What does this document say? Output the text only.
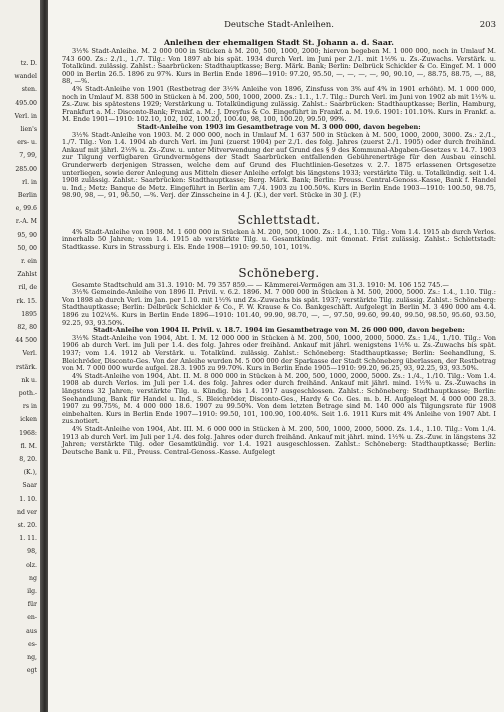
tz. D.
wandel
sten.
495.00
Verl. in
lien's
ers- u.
7, 99,
285.00
rl. in
Berlin
e, 99.6
r.-A. M
95, 90
50, 00
r. ein
Zahlst
ril, de
rk. 15.
1895
82, 80
44 500
Verl.
rstärk.
nk u.
poth.-
rs in
icken
1968:
fl. M.
8, 20.
(K.),
Saar
1. 10.
nd ver
st. 20.
1. 11.
98,
olz.
ng
ilg.
für
en-
aus
es-
ng,
egt
Deutsche Stadt-Anleihen.	203
Anleihen der ehemaligen Stadt St. Johann a. d. Saar.

3½% Stadt-Anleihe. M. 2 000 000 in Stücken à M. 200, 500, 1000, 2000; hiervon begeben M. 1 000 000, noch in Umlauf M. 743 600. Zs.: 2./1., 1./7. Tilg.: Von 1897 ab bis spät. 1934 durch Verl. im Juni per 2./1. mit 1½% u. Zs.-Zuwachs. Verstärk. u. Totalkünd. zulässig. Zahlst.: Saarbrücken: Stadthauptkasse; Berg. Märk. Bank; Berlin: Delbrück Schickler & Co. Eingef. M. 1 000 000 in Berlin 26.5. 1896 zu 97%. Kurs in Berlin Ende 1896—1910: 97.20, 95.50, —, —, —, —, 90, 90.10, —, 88.75, 88.75, —, 88, 88, —%.

4% Stadt-Anleihe von 1901 (Restbetrag der 3½% Anleihe von 1896, Zinsfuss von 3% auf 4% in 1901 erhöht). M. 1 000 000, noch in Umlauf M. 838 500 in Stücken à M. 200, 500, 1000, 2000. Zs.: 1.1., 1.7. Tilg.: Durch Verl. im Juni von 1902 ab mit 1½% u. Zs.-Zuw. bis spätestens 1929; Verstärkung u. Totalkündigung zulässig. Zahlst.: Saarbrücken: Stadthauptkasse; Berlin, Hamburg, Frankfurt a. M.: Disconto-Bank; Frankf. a. M.: J. Dreyfus & Co. Eingeführt in Frankf. a. M. 19.6. 1901: 101.10%. Kurs in Frankf. a. M. Ende 1901—1910: 102.10, 102, 102, 100.20, 100.40, 98, 100, 100.20, 99.50, 99%.

Stadt-Anleihe von 1903 im Gesamtbetrage von M. 3 000 000, davon begeben:

3½% Stadt-Anleihe von 1903. M. 2 000 000, noch in Umlauf M. 1 637 500 in Stücken à M. 500, 1000, 2000, 3000. Zs.: 2./1., 1./7. Tilg.: Von 1.4. 1904 ab durch Verl. im Juni (zuerst 1904) per 2./1. des folg. Jahres (zuerst 2./1. 1905) oder durch freihänd. Ankauf mit jährl. 2½% u. Zs.-Zuw. u. unter Mitverwendung der auf Grund des § 9 des Kommunal-Abgaben-Gesetzes v. 14.7. 1903 zur Tilgung verfügbaren Grundvermögens der Stadt Saarbrücken entfallenden Gebührenerträge für den Ausbau einschl. Grunderwerb derjenigen Strassen, welche dem auf Grund des Fluchtlinien-Gesetzes v. 2.7. 1875 erlassenen Ortsgesetze unterliegen, sowie derer Anlegung aus Mitteln dieser Anleihe erfolgt bis längstens 1933; verstärkte Tilg. u. Totalkündig. seit 1.4. 1908 zulässig. Zahlst.: Saarbrücken: Stadthauptkasse; Berg. Märk. Bank; Berlin: Preuss. Central-Genoss.-Kasse, Bank f. Handel u. Ind.; Metz: Banque de Metz. Eingeführt in Berlin am 7./4. 1903 zu 100.50%. Kurs in Berlin Ende 1903—1910: 100.50, 98.75, 98.90, 98, —, 91, 96.50, —%. Verj. der Zinsscheine in 4 J. (K.), der verl. Stücke in 30 J. (F.)

Schlettstadt.

4% Stadt-Anleihe von 1908. M. 1 600 000 in Stücken à M. 200, 500, 1000. Zs.: 1.4., 1.10. Tilg.: Vom 1.4. 1915 ab durch Verlos. innerhalb 50 Jahren; vom 1.4. 1915 ab verstärkte Tilg. u. Gesamtkündig. mit 6monat. Frist zulässig. Zahlst.: Schlettstadt: Stadtkasse. Kurs in Strassburg i. Els. Ende 1908—1910: 99.50, 101, 101%.

Schöneberg.

Gesamte Stadtschuld am 31.3. 1910: M. 79 357 859.— — Kämmerei-Vermögen am 31.3. 1910: M. 106 152 745.—

3½% Gemeinde-Anleihe von 1896 II. Privil. v. 6.2. 1896. M. 7 000 000 in Stücken à M. 500, 2000, 5000. Zs.: 1.4., 1.10. Tilg.: Von 1898 ab durch Verl. im Jan. per 1.10. mit 1½% und Zs.-Zuwachs bis spät. 1937; verstärkte Tilg. zulässig. Zahlst.: Schöneberg: Stadthauptkasse; Berlin: Delbrück Schickler & Co., F. W. Krause & Co. Bankgeschäft. Aufgelegt in Berlin M. 3 490 000 am 4.4. 1896 zu 102¼%. Kurs in Berlin Ende 1896—1910: 101.40, 99.90, 98.70, —, —, 97.50, 99.60, 99.40, 99.50, 98.50, 95.60, 93.50, 92.25, 93, 93.50%.

Stadt-Anleihe von 1904 II. Privil. v. 18.7. 1904 im Gesamtbetrage von M. 26 000 000, davon begeben:

3½% Stadt-Anleihe von 1904, Abt. I. M. 12 000 000 in Stücken à M. 200, 500, 1000, 2000, 5000. Zs.: 1./4., 1./10. Tilg.: Von 1906 ab durch Verl. im Juli per 1.4. des folg. Jahres oder freihänd. Ankauf mit jährl. wenigstens 1½% u. Zs.-Zuwachs bis spät. 1937; vom 1.4. 1912 ab Verstärk. u. Totalkünd. zulässig. Zahlst.: Schöneberg: Stadthauptkasse; Berlin: Seehandlung, S. Bleichröder, Disconto-Ges. Von der Anleihe wurden M. 5 000 000 der Sparkasse der Stadt Schöneberg überlassen, der Restbetrag von M. 7 000 000 wurde aufgel. 28.3. 1905 zu 99.70%. Kurs in Berlin Ende 1905—1910: 99.20, 96.25, 93, 92.25, 93, 93.50%.

4% Stadt-Anleihe von 1904, Abt. II. M. 8 000 000 in Stücken à M. 200, 500, 1000, 2000, 5000. Zs.: 1./4., 1./10. Tilg.: Vom 1.4. 1908 ab durch Verlos. im Juli per 1.4. des folg. Jahres oder durch freihänd. Ankauf mit jährl. mind. 1½% u. Zs.-Zuwachs in längstens 32 Jahren; verstärkte Tilg. u. Kündig. bis 1.4. 1917 ausgeschlossen. Zahlst.: Schöneberg: Stadthauptkasse; Berlin: Seehandlung, Bank für Handel u. Ind., S. Bleichröder, Disconto-Ges., Hardy & Co. Ges. m. b. H. Aufgelegt M. 4 000 000 28.3. 1907 zu 99.75%, M. 4 000 000 18.6. 1907 zu 99.50%. Von dem letzten Betrage sind M. 140 000 als Tilgungsrate für 1908 einbehalten. Kurs in Berlin Ende 1907—1910: 99.50, 101, 100.90, 100.40%. Seit 1.6. 1911 Kurs mit 4% Anleihe von 1907 Abt. I zus.notiert.

4% Stadt-Anleihe von 1904, Abt. III. M. 6 000 000 in Stücken à M. 200, 500, 1000, 2000, 5000. Zs. 1.4., 1.10. Tilg.: Vom 1./4. 1913 ab durch Verl. im Juli per 1./4. des folg. Jahres oder durch freihänd. Ankauf mit jährl. mind. 1½% u. Zs.-Zuw. in längstens 32 Jahren; verstärkte Tilg. oder Gesamtkündig. vor 1.4. 1921 ausgeschlossen. Zahlst.: Schöneberg: Stadthauptkasse; Berlin: Deutsche Bank u. Fil., Preuss. Central-Genoss.-Kasse. Aufgelegt
